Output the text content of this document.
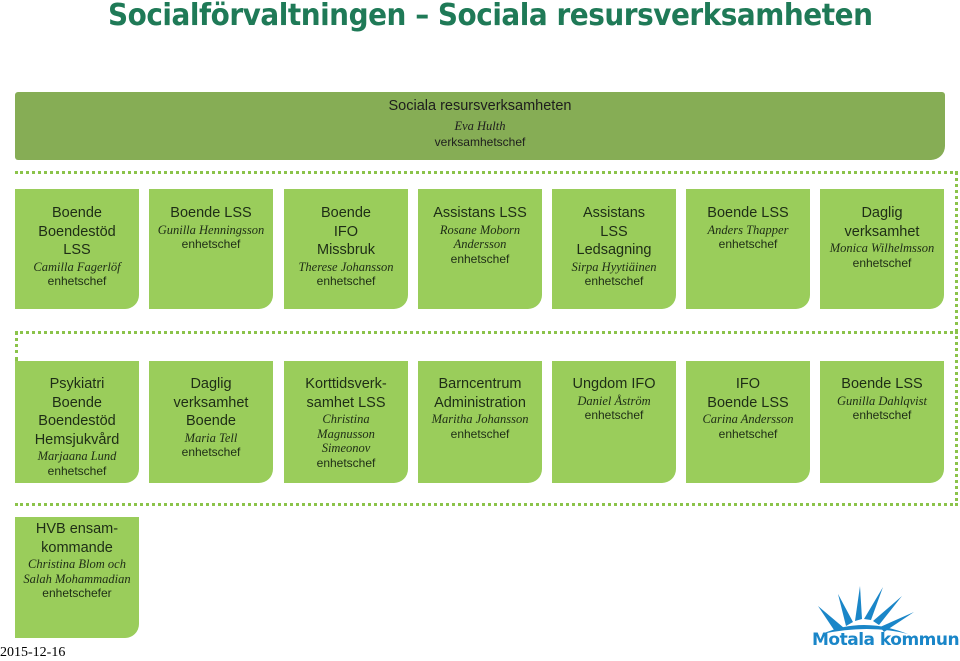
Socialförvaltningen – Sociala resursverksamheten
Sociala resursverksamheten
Eva Hulth
verksamhetschef
Boende
Boendestöd
LSS
Camilla Fagerlöf
enhetschef
Boende LSS
Gunilla Henningsson
enhetschef
Boende
IFO
Missbruk
Therese Johansson
enhetschef
Assistans LSS
Rosane Moborn
Andersson
enhetschef
Assistans
LSS
Ledsagning
Sirpa Hyytiäinen
enhetschef
Boende LSS
Anders Thapper
enhetschef
Daglig
verksamhet
Monica Wilhelmsson
enhetschef
Psykiatri
Boende
Boendestöd
Hemsjukvård
Marjaana Lund
enhetschef
Daglig verksamhet
Boende
Maria Tell
enhetschef
Korttidsverk-
samhet LSS
Christina
Magnusson
Simeonov
enhetschef
Barncentrum
Administration
Maritha Johansson
enhetschef
Ungdom IFO
Daniel Åström
enhetschef
IFO
Boende LSS
Carina Andersson
enhetschef
Boende LSS
Gunilla Dahlqvist
enhetschef
HVB ensam-
kommande
Christina Blom och
Salah Mohammadian
enhetschefer
2015-12-16
Motala kommun
